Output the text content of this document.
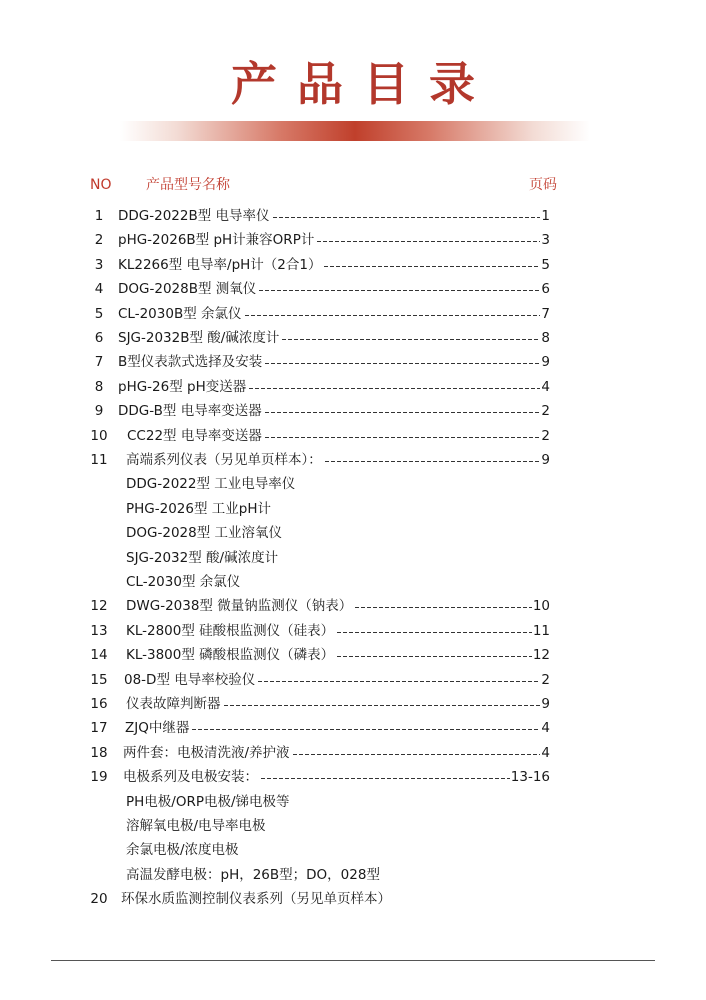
产品目录
NO 产品型号名称	页码
1	DDG-2022B型 电导率仪	1
2	pHG-2026B型 pH计兼容ORP计	3
3	KL2266型 电导率/pH计（2合1）	5
4	DOG-2028B型 测氧仪	6
5	CL-2030B型 余氯仪	7
6	SJG-2032B型 酸/碱浓度计	8
7	B型仪表款式选择及安装	9
8	pHG-26型 pH变送器	4
9	DDG-B型 电导率变送器	2
10	CC22型 电导率变送器	2
11	高端系列仪表（另见单页样本）：	9
DDG-2022型 工业电导率仪
PHG-2026型 工业pH计
DOG-2028型 工业溶氧仪
SJG-2032型 酸/碱浓度计
CL-2030型 余氯仪
12	DWG-2038型 微量钠监测仪（钠表）	10
13	KL-2800型 硅酸根监测仪（硅表）	11
14	KL-3800型 磷酸根监测仪（磷表）	12
15	08-D型 电导率校验仪	2
16	仪表故障判断器	9
17	ZJQ中继器	4
18	两件套：电极清洗液/养护液	4
19	电极系列及电极安装：	13-16
PH电极/ORP电极/锑电极等
溶解氧电极/电导率电极
余氯电极/浓度电极
高温发酵电极：pH，26B型；DO，028型
20 环保水质监测控制仪表系列（另见单页样本）
